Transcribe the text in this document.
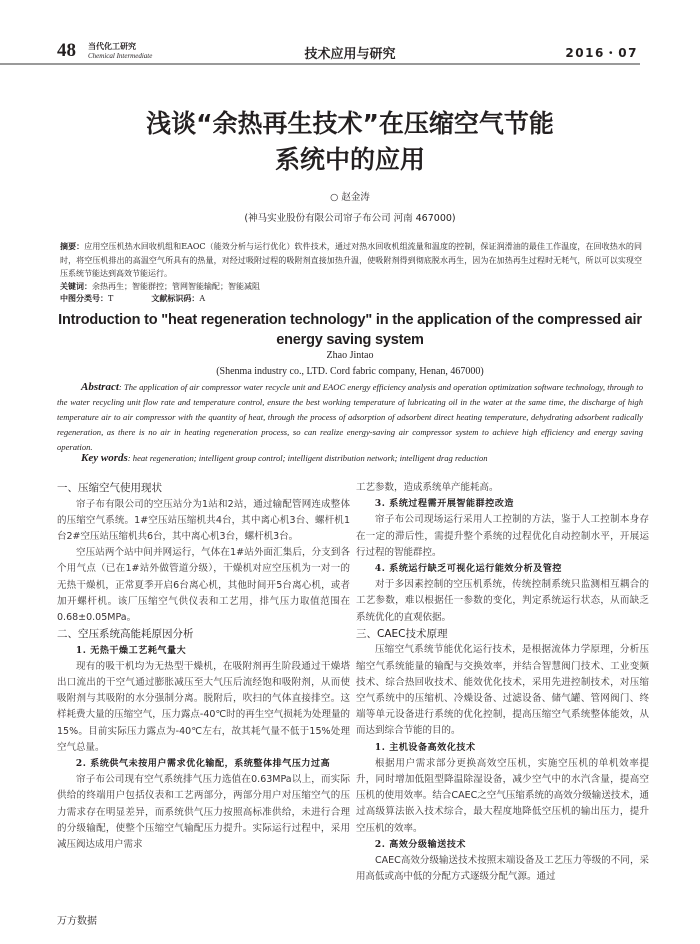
48 当代化工研究
Chemical Intermediate	技术应用与研究	2016・07
浅谈“余热再生技术”在压缩空气节能
系统中的应用
○ 赵金涛
(神马实业股份有限公司帘子布公司 河南 467000)
摘要：应用空压机热水回收机组和EAOC（能效分析与运行优化）软件技术，通过对热水回收机组流量和温度的控制，保证润滑油的最佳工作温度，在回收热水的同时，将空压机排出的高温空气所具有的热量，对经过吸附过程的吸附剂直接加热升温，使吸附剂得到彻底脱水再生，因为在加热再生过程时无耗气，所以可以实现空压系统节能达到高效节能运行。
关键词：余热再生；智能群控；管网智能输配；智能减阻
中图分类号：T	文献标识码：A
Introduction to "heat regeneration technology" in the application of the compressed air
energy saving system
Zhao Jintao
(Shenma industry co., LTD. Cord fabric company, Henan, 467000)
Abstract: The application of air compressor water recycle unit and EAOC energy efficiency analysis and operation optimization software technology, through to the water recycling unit flow rate and temperature control, ensure the best working temperature of lubricating oil in the water at the same time, the discharge of high temperature air to air compressor with the quantity of heat, through the process of adsorption of adsorbent direct heating temperature, dehydrating adsorbent radically regeneration, as there is no air in heating regeneration process, so can realize energy-saving air compressor system to achieve high efficiency and energy saving operation.
Key words: heat regeneration; intelligent group control; intelligent distribution network; intelligent drag reduction
一、压缩空气使用现状

帘子布有限公司的空压站分为1站和2站，通过输配管网连成整体的压缩空气系统。1#空压站压缩机共4台，其中离心机3台、螺杆机1台2#空压站压缩机共6台，其中离心机3台，螺杆机3台。

空压站两个站中间并网运行，气体在1#站外面汇集后，分支到各个用气点（已在1#站外做管道分级），干燥机对应空压机为一对一的无热干燥机，正常夏季开启6台离心机，其他时间开5台离心机，或者加开螺杆机。该厂压缩空气供仪表和工艺用，排气压力取值范围在0.68±0.05MPa。

二、空压系统高能耗原因分析
1. 无热干燥工艺耗气量大

现有的吸干机均为无热型干燥机，在吸附剂再生阶段通过干燥塔出口流出的干空气通过膨胀减压至大气压后流经饱和吸附剂，从而使吸附剂与其吸附的水分强制分离。脱附后，吹扫的气体直接排空。这样耗费大量的压缩空气，压力露点-40℃时的再生空气损耗为处理量的15%。目前实际压力露点为-40℃左右，故其耗气量不低于15%处理空气总量。

2. 系统供气未按用户需求优化输配，系统整体排气压力过高

帘子布公司现有空气系统排气压力选值在0.63MPa以上，而实际供给的终端用户包括仪表和工艺两部分，两部分用户对压缩空气的压力需求存在明显差异，而系统供气压力按照高标准供给，未进行合理的分级输配，使整个压缩空气输配压力提升。实际运行过程中，采用减压阀达成用户需求

工艺参数，造成系统单产能耗高。

3. 系统过程需开展智能群控改造

帘子布公司现场运行采用人工控制的方法，鉴于人工控制本身存在一定的滞后性，需提升整个系统的过程优化自动控制水平，开展运行过程的智能群控。

4. 系统运行缺乏可视化运行能效分析及管控

对于多因素控制的空压机系统，传统控制系统只监测相互耦合的工艺参数，难以根据任一参数的变化，判定系统运行状态，从而缺乏系统优化的直观依据。

三、CAEC技术原理

压缩空气系统节能优化运行技术，是根据流体力学原理，分析压缩空气系统能量的输配与交换效率，并结合智慧阀门技术、工业变频技术、综合热回收技术、能效优化技术，采用先进控制技术，对压缩空气系统中的压缩机、冷燥设备、过滤设备、储气罐、管网阀门、终端等单元设备进行系统的优化控制，提高压缩空气系统整体能效，从而达到综合节能的目的。

1. 主机设备高效化技术

根据用户需求部分更换高效空压机，实施空压机的单机效率提升，同时增加低阻型降温除湿设备，减少空气中的水汽含量，提高空压机的使用效率。结合CAEC之空气压缩系统的高效分级输送技术，通过高级算法嵌入技术综合，最大程度地降低空压机的输出压力，提升空压机的效率。

2. 高效分级输送技术

CAEC高效分级输送技术按照末端设备及工艺压力等级的不同，采用高低或高中低的分配方式逐级分配气源。通过

万方数据
